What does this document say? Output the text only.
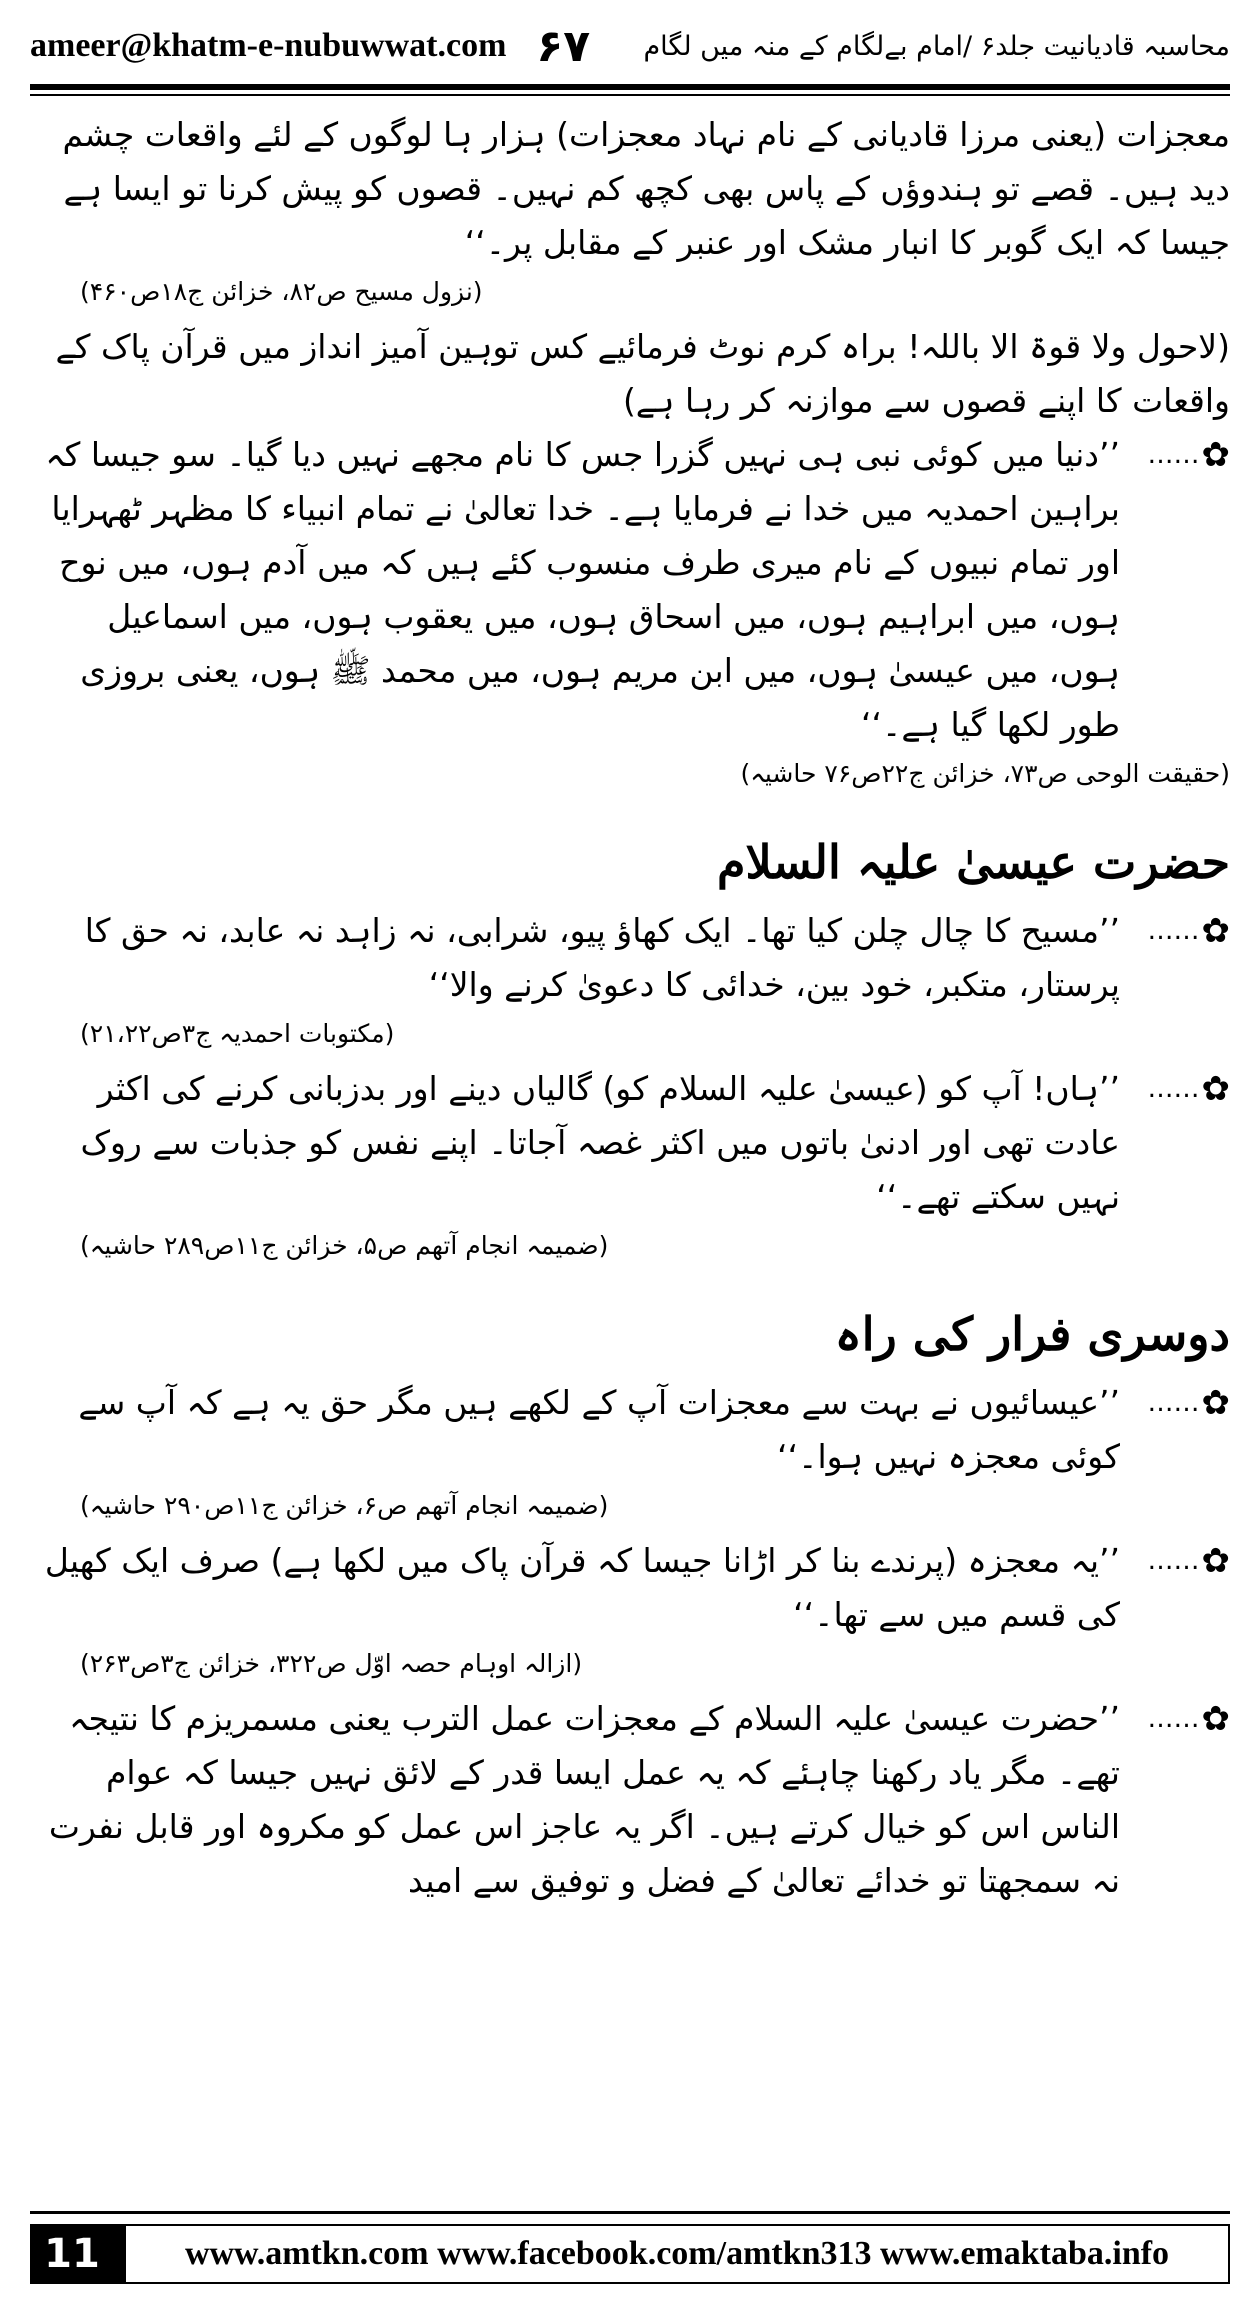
ameer@khatm-e-nubuwwat.com ۶۷	محاسبہ قادیانیت جلد۶ /امام بےلگام کے منہ میں لگام

معجزات (یعنی مرزا قادیانی کے نام نہاد معجزات) ہزار ہا لوگوں کے لئے واقعات چشم دید ہیں۔ قصے تو ہندوؤں کے پاس بھی کچھ کم نہیں۔ قصوں کو پیش کرنا تو ایسا ہے جیسا کہ ایک گوبر کا انبار مشک اور عنبر کے مقابل پر۔‘‘

(نزول مسیح ص۸۲، خزائن ج۱۸ص۴۶۰)

(لاحول ولا قوۃ الا باللہ! براہ کرم نوٹ فرمائیے کس توہین آمیز انداز میں قرآن پاک کے واقعات کا اپنے قصوں سے موازنہ کر رہا ہے)

✿
……

’’دنیا میں کوئی نبی ہی نہیں گزرا جس کا نام مجھے نہیں دیا گیا۔ سو جیسا کہ براہین احمدیہ میں خدا نے فرمایا ہے۔ خدا تعالیٰ نے تمام انبیاء کا مظہر ٹھہرایا اور تمام نبیوں کے نام میری طرف منسوب کئے ہیں کہ میں آدم ہوں، میں نوح ہوں، میں ابراہیم ہوں، میں اسحاق ہوں، میں یعقوب ہوں، میں اسماعیل ہوں، میں عیسیٰ ہوں، میں ابن مریم ہوں، میں محمد ﷺ ہوں، یعنی بروزی طور لکھا گیا ہے۔‘‘

(حقیقت الوحی ص۷۳، خزائن ج۲۲ص۷۶ حاشیہ)

حضرت عیسیٰ علیہ السلام
✿
……

’’مسیح کا چال چلن کیا تھا۔ ایک کھاؤ پیو، شرابی، نہ زاہد نہ عابد، نہ حق کا پرستار، متکبر، خود بین، خدائی کا دعویٰ کرنے والا‘‘

(مکتوبات احمدیہ ج۳ص۲۱،۲۲)

✿
……

’’ہاں! آپ کو (عیسیٰ علیہ السلام کو) گالیاں دینے اور بدزبانی کرنے کی اکثر عادت تھی اور ادنیٰ باتوں میں اکثر غصہ آجاتا۔ اپنے نفس کو جذبات سے روک نہیں سکتے تھے۔‘‘

(ضمیمہ انجام آتھم ص۵، خزائن ج۱۱ص۲۸۹ حاشیہ)

دوسری فرار کی راہ
✿
……

’’عیسائیوں نے بہت سے معجزات آپ کے لکھے ہیں مگر حق یہ ہے کہ آپ سے کوئی معجزہ نہیں ہوا۔‘‘

(ضمیمہ انجام آتھم ص۶، خزائن ج۱۱ص۲۹۰ حاشیہ)

✿
……

’’یہ معجزہ (پرندے بنا کر اڑانا جیسا کہ قرآن پاک میں لکھا ہے) صرف ایک کھیل کی قسم میں سے تھا۔‘‘

(ازالہ اوہام حصہ اوّل ص۳۲۲، خزائن ج۳ص۲۶۳)

✿
……

’’حضرت عیسیٰ علیہ السلام کے معجزات عمل الترب یعنی مسمریزم کا نتیجہ تھے۔ مگر یاد رکھنا چاہئے کہ یہ عمل ایسا قدر کے لائق نہیں جیسا کہ عوام الناس اس کو خیال کرتے ہیں۔ اگر یہ عاجز اس عمل کو مکروہ اور قابل نفرت نہ سمجھتا تو خدائے تعالیٰ کے فضل و توفیق سے امید

11	www.amtkn.com www.facebook.com/amtkn313 www.emaktaba.info
